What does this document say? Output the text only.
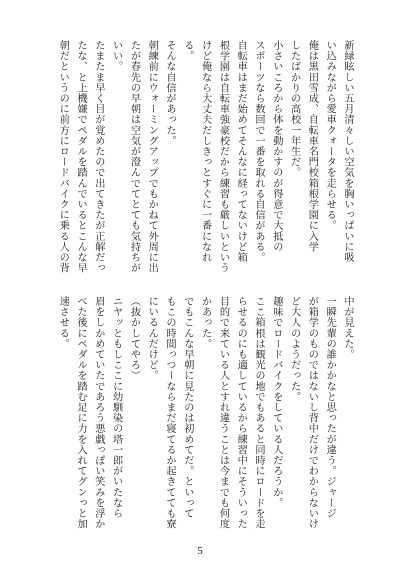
新緑眩しい五月清々しい空気を胸いっぱいに吸
い込みながら愛車クォータを走らせる。
俺は黒田雪成、自転車名門校箱根学園に入学
したばかりの高校一年生だ。
小さいころから体を動かすのが得意で大抵の
スポーツなら数回で一番を取れる自信がある。
自転車はまだ始めてそんなに経ってないけど箱
根学園は自転車強豪校だから練習も厳しいという
けど俺なら大丈夫だしきっとすぐに一番になれ
る。
そんな自信があった。
朝練前にウォーミングアップでもかねて外周に出
たが春先の早朝は空気が澄んでてとても気持ちが
いい。
たまたま早く目が覚めたので出てきたが正解だっ
たな、と上機嫌でペダルを踏んでいるとこんな早
朝だというのに前方にロードバイクに乗る人の背
中が見えた。
一瞬先輩の誰かかなと思ったが違う。ジャージ
が箱学のものではないし背中だけでわからないけ
ど大人のようだった。
趣味でロードバイクをしている人だろうか。
ここ箱根は観光の地でもあると同時にロードを走
らせるのにも適しているから練習中にそういった
目的で来ている人とすれ違うことは今までも何度
かあった。
でもこんな早朝に見たのは初めてだ。といって
もこの時間っつーならまだ寝てるか起きてても寮
にいるんだけど。
（抜かしてやろ）
ニヤッともしここに幼馴染の塔一郎がいたなら
眉をしかめていたであろう悪戯っぽい笑みを浮か
べた後にペダルを踏む足に力を入れてグンっと加
速させる。
5
